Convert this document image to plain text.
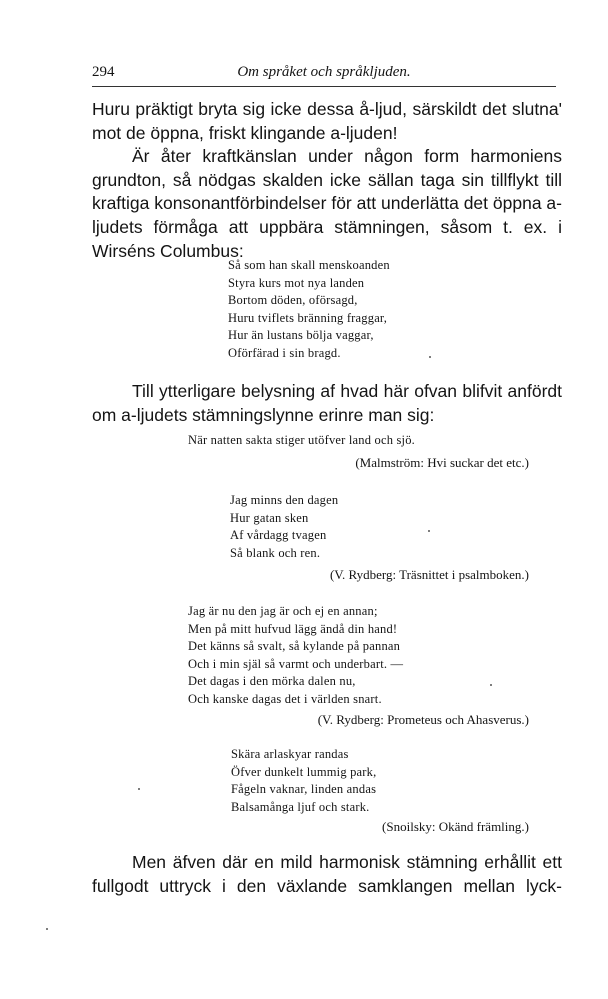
294	Om språket och språkljuden.

Huru präktigt bryta sig icke dessa å-ljud, särskildt det slutna' mot de öppna, friskt klingande a-ljuden!

Är åter kraftkänslan under någon form harmoniens grundton, så nödgas skalden icke sällan taga sin tillflykt till kraftiga konsonantförbindelser för att underlätta det öppna a-ljudets förmåga att uppbära stämningen, såsom t. ex. i Wirséns Columbus:

Så som han skall menskoanden
Styra kurs mot nya landen
Bortom döden, oförsagd,
Huru tviflets bränning fraggar,
Hur än lustans bölja vaggar,
Oförfärad i sin bragd.

Till ytterligare belysning af hvad här ofvan blifvit anfördt om a-ljudets stämningslynne erinre man sig:

När natten sakta stiger utöfver land och sjö.
(Malmström: Hvi suckar det etc.)
Jag minns den dagen
Hur gatan sken
Af vårdagg tvagen
Så blank och ren.
(V. Rydberg: Träsnittet i psalmboken.)
Jag är nu den jag är och ej en annan;
Men på mitt hufvud lägg ändå din hand!
Det känns så svalt, så kylande på pannan
Och i min själ så varmt och underbart. —
Det dagas i den mörka dalen nu,
Och kanske dagas det i världen snart.
(V. Rydberg: Prometeus och Ahasverus.)
Skära arlaskyar randas
Öfver dunkelt lummig park,
Fågeln vaknar, linden andas
Balsamånga ljuf och stark.
(Snoilsky: Okänd främling.)

Men äfven där en mild harmonisk stämning erhållit ett fullgodt uttryck i den växlande samklangen mellan lyck-
